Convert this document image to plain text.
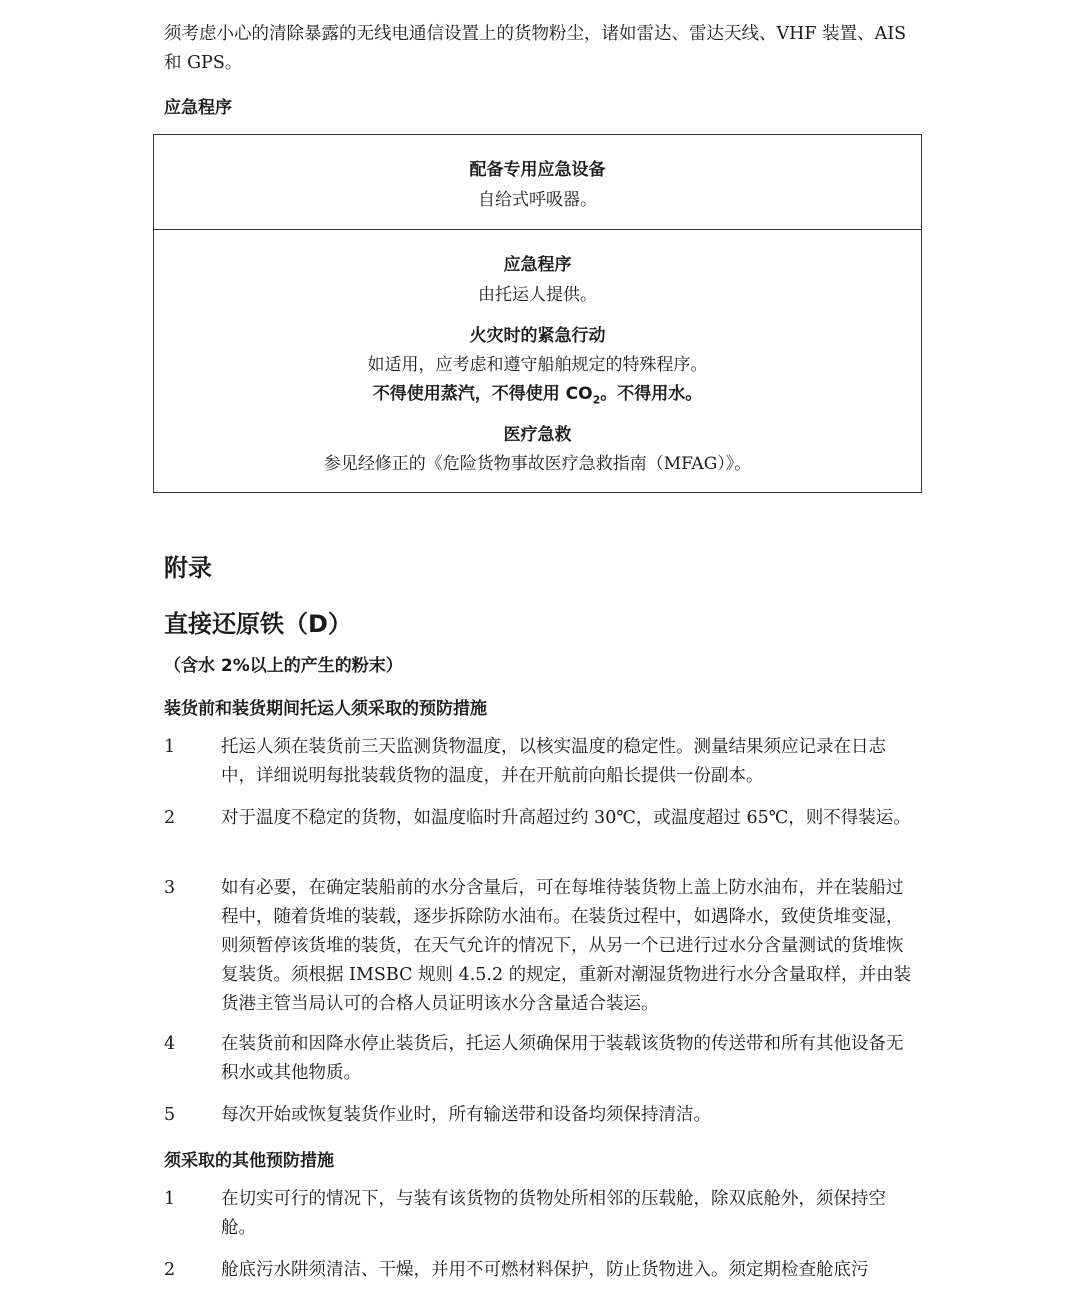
须考虑小心的清除暴露的无线电通信设置上的货物粉尘，诸如雷达、雷达天线、VHF 装置、AIS 和 GPS。
应急程序
配备专用应急设备
自给式呼吸器。
应急程序
由托运人提供。
火灾时的紧急行动
如适用，应考虑和遵守船舶规定的特殊程序。
不得使用蒸汽，不得使用 $CO_2$。不得用水。
医疗急救
参见经修正的《危险货物事故医疗急救指南（MFAG）》。
附录
直接还原铁（D）
（含水 2%以上的产生的粉末）
装货前和装货期间托运人须采取的预防措施
1	托运人须在装货前三天监测货物温度，以核实温度的稳定性。测量结果须应记录在日志中，详细说明每批装载货物的温度，并在开航前向船长提供一份副本。
2	对于温度不稳定的货物，如温度临时升高超过约 30℃，或温度超过 65℃，则不得装运。
3	如有必要，在确定装船前的水分含量后，可在每堆待装货物上盖上防水油布，并在装船过程中，随着货堆的装载，逐步拆除防水油布。在装货过程中，如遇降水，致使货堆变湿，则须暂停该货堆的装货，在天气允许的情况下，从另一个已进行过水分含量测试的货堆恢复装货。须根据 IMSBC 规则 4.5.2 的规定，重新对潮湿货物进行水分含量取样，并由装货港主管当局认可的合格人员证明该水分含量适合装运。
4	在装货前和因降水停止装货后，托运人须确保用于装载该货物的传送带和所有其他设备无积水或其他物质。
5	每次开始或恢复装货作业时，所有输送带和设备均须保持清洁。
须采取的其他预防措施
1	在切实可行的情况下，与装有该货物的货物处所相邻的压载舱，除双底舱外，须保持空舱。
2	舱底污水阱须清洁、干燥，并用不可燃材料保护，防止货物进入。须定期检查舱底污
